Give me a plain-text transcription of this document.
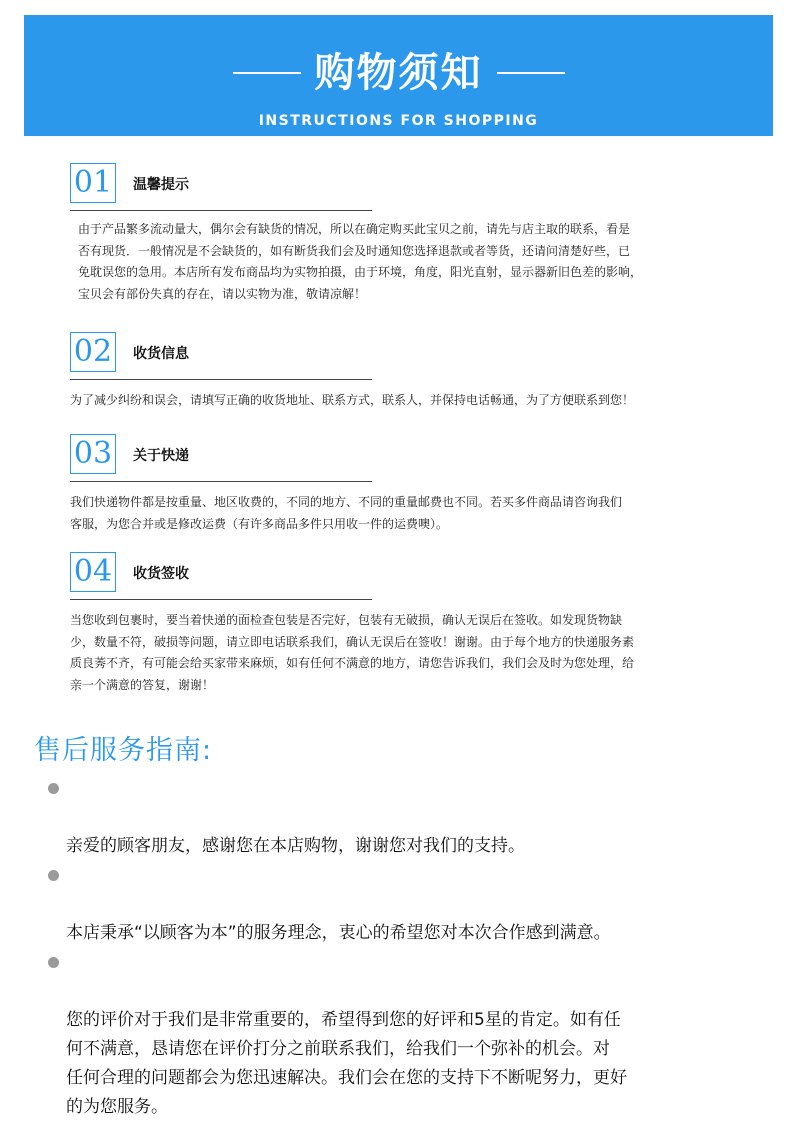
购物须知
INSTRUCTIONS FOR SHOPPING
01 温馨提示
由于产品繁多流动量大，偶尔会有缺货的情况，所以在确定购买此宝贝之前，请先与店主取的联系，看是
否有现货．一般情况是不会缺货的，如有断货我们会及时通知您选择退款或者等货，还请问清楚好些，已
免耽误您的急用。本店所有发布商品均为实物拍摄，由于环境，角度，阳光直射，显示器新旧色差的影响，
宝贝会有部份失真的存在，请以实物为准，敬请凉解！
02 收货信息
为了减少纠纷和误会，请填写正确的收货地址、联系方式，联系人，并保持电话畅通，为了方便联系到您！
03 关于快递
我们快递物件都是按重量、地区收费的，不同的地方、不同的重量邮费也不同。若买多件商品请咨询我们
客服，为您合并或是修改运费（有许多商品多件只用收一件的运费噢）。
04 收货签收
当您收到包裹时，要当着快递的面检查包装是否完好，包装有无破损，确认无误后在签收。如发现货物缺
少，数量不符，破损等问题，请立即电话联系我们，确认无误后在签收！谢谢。由于每个地方的快递服务素
质良莠不齐，有可能会给买家带来麻烦，如有任何不满意的地方，请您告诉我们，我们会及时为您处理，给
亲一个满意的答复，谢谢！
售后服务指南:

亲爱的顾客朋友，感谢您在本店购物，谢谢您对我们的支持。

本店秉承“以顾客为本”的服务理念，衷心的希望您对本次合作感到满意。

您的评价对于我们是非常重要的，希望得到您的好评和5星的肯定。如有任
何不满意，恳请您在评价打分之前联系我们，给我们一个弥补的机会。对
任何合理的问题都会为您迅速解决。我们会在您的支持下不断呢努力，更好
的为您服务。
